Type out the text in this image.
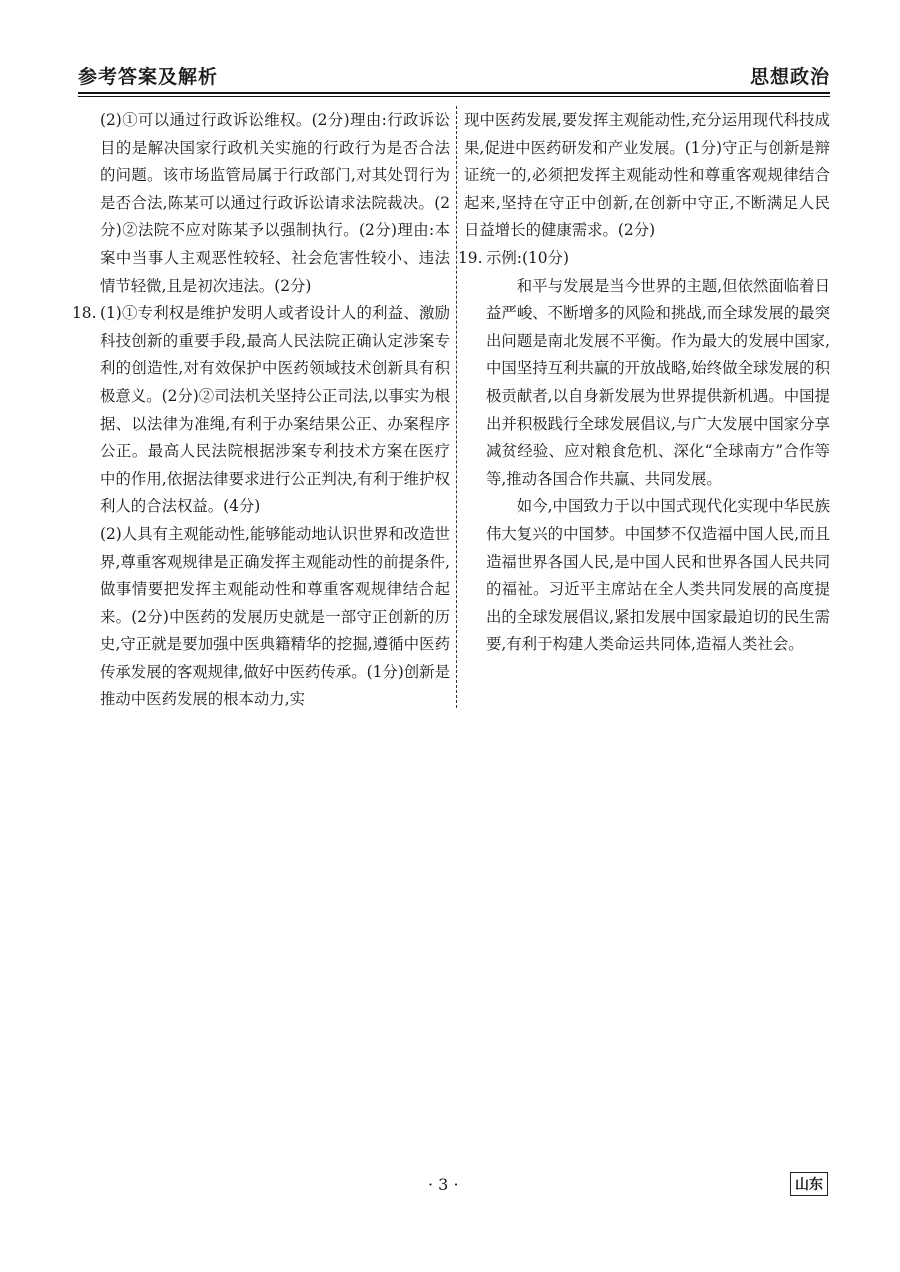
参考答案及解析	思想政治

(2)①可以通过行政诉讼维权。(2分)理由:行政诉讼目的是解决国家行政机关实施的行政行为是否合法的问题。该市场监管局属于行政部门,对其处罚行为是否合法,陈某可以通过行政诉讼请求法院裁决。(2分)②法院不应对陈某予以强制执行。(2分)理由:本案中当事人主观恶性较轻、社会危害性较小、违法情节轻微,且是初次违法。(2分)

18. (1)①专利权是维护发明人或者设计人的利益、激励科技创新的重要手段,最高人民法院正确认定涉案专利的创造性,对有效保护中医药领域技术创新具有积极意义。(2分)②司法机关坚持公正司法,以事实为根据、以法律为准绳,有利于办案结果公正、办案程序公正。最高人民法院根据涉案专利技术方案在医疗中的作用,依据法律要求进行公正判决,有利于维护权利人的合法权益。(4分)

(2)人具有主观能动性,能够能动地认识世界和改造世界,尊重客观规律是正确发挥主观能动性的前提条件,做事情要把发挥主观能动性和尊重客观规律结合起来。(2分)中医药的发展历史就是一部守正创新的历史,守正就是要加强中医典籍精华的挖掘,遵循中医药传承发展的客观规律,做好中医药传承。(1分)创新是推动中医药发展的根本动力,实

现中医药发展,要发挥主观能动性,充分运用现代科技成果,促进中医药研发和产业发展。(1分)守正与创新是辩证统一的,必须把发挥主观能动性和尊重客观规律结合起来,坚持在守正中创新,在创新中守正,不断满足人民日益增长的健康需求。(2分)

19. 示例:(10分)

和平与发展是当今世界的主题,但依然面临着日益严峻、不断增多的风险和挑战,而全球发展的最突出问题是南北发展不平衡。作为最大的发展中国家,中国坚持互利共赢的开放战略,始终做全球发展的积极贡献者,以自身新发展为世界提供新机遇。中国提出并积极践行全球发展倡议,与广大发展中国家分享减贫经验、应对粮食危机、深化“全球南方”合作等等,推动各国合作共赢、共同发展。

如今,中国致力于以中国式现代化实现中华民族伟大复兴的中国梦。中国梦不仅造福中国人民,而且造福世界各国人民,是中国人民和世界各国人民共同的福祉。习近平主席站在全人类共同发展的高度提出的全球发展倡议,紧扣发展中国家最迫切的民生需要,有利于构建人类命运共同体,造福人类社会。

· 3 ·	山东
